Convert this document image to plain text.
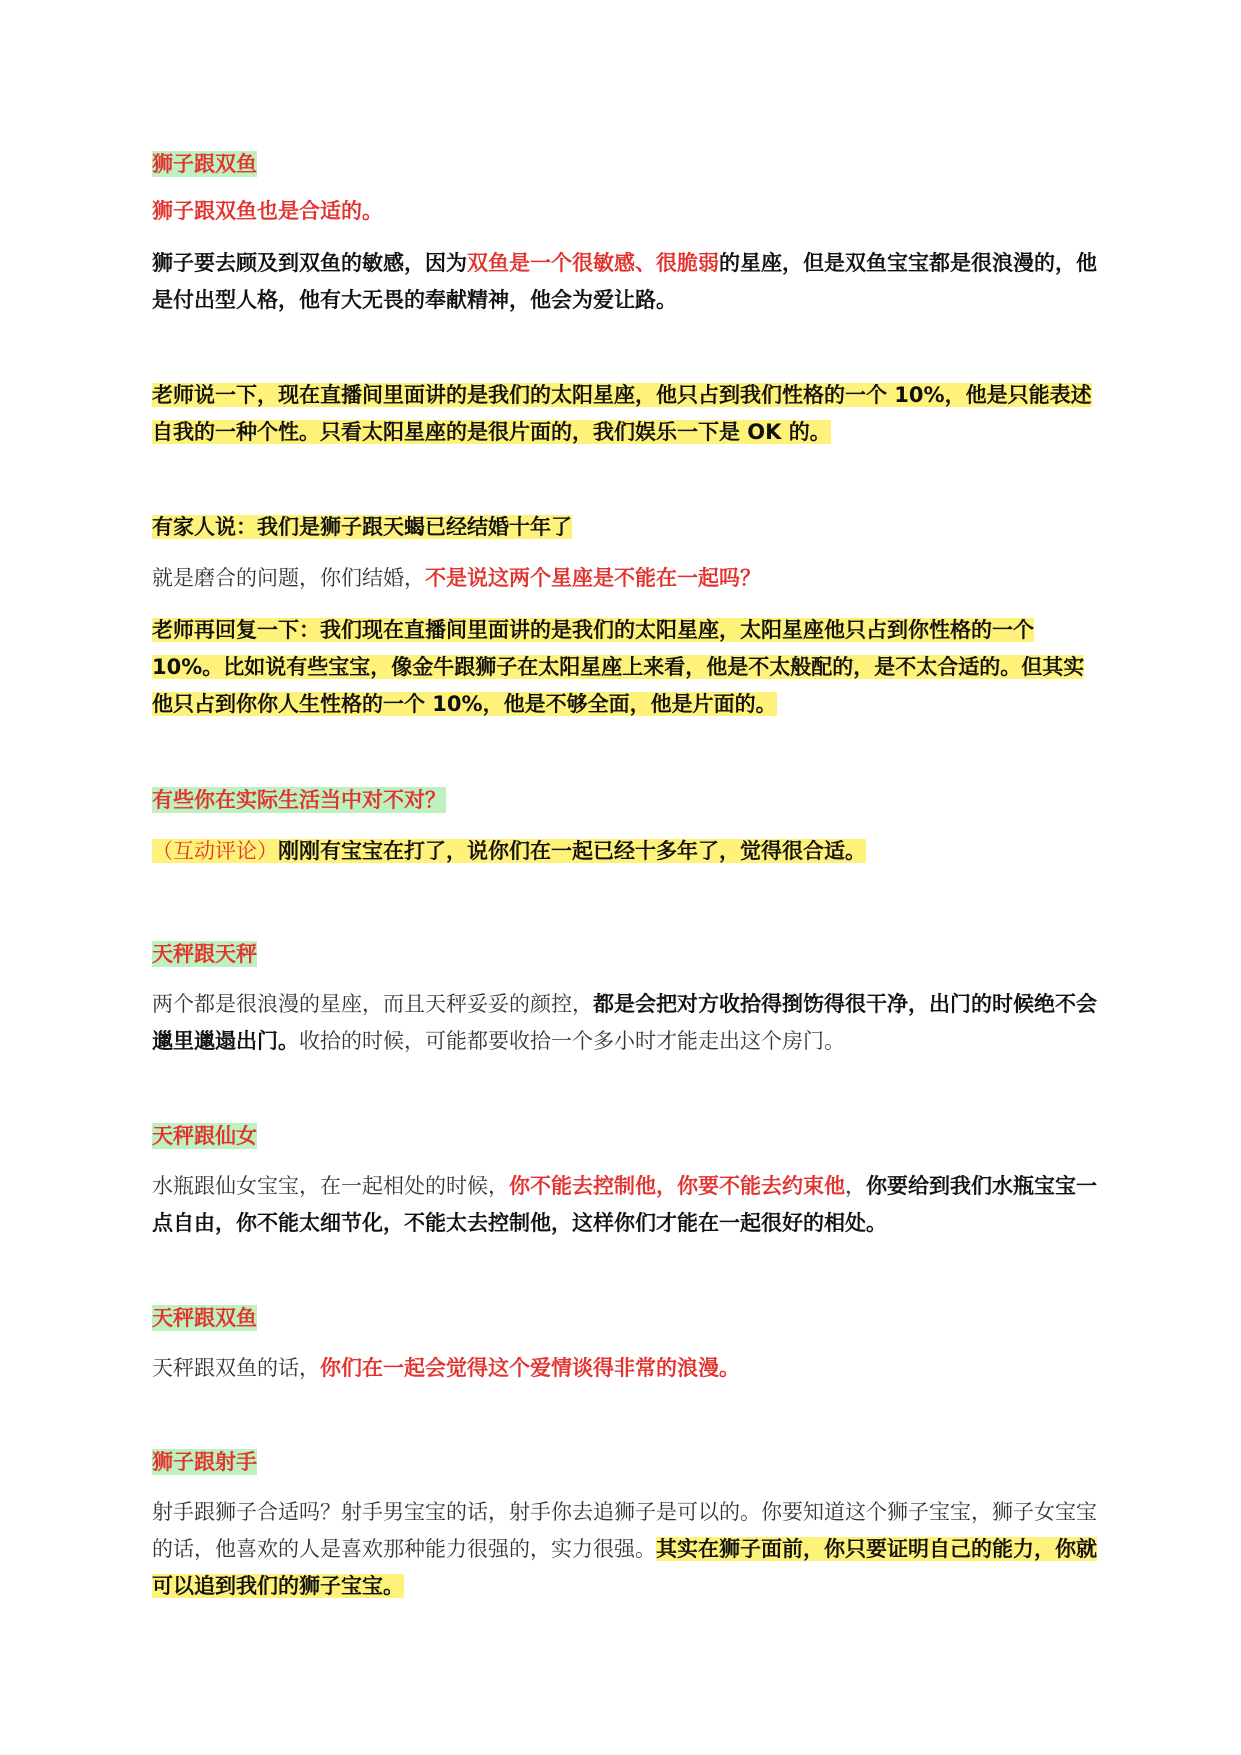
狮子跟双鱼

狮子跟双鱼也是合适的。

狮子要去顾及到双鱼的敏感，因为双鱼是一个很敏感、很脆弱的星座，但是双鱼宝宝都是很浪漫的，他是付出型人格，他有大无畏的奉献精神，他会为爱让路。

老师说一下，现在直播间里面讲的是我们的太阳星座，他只占到我们性格的一个 10%，他是只能表述自我的一种个性。只看太阳星座的是很片面的，我们娱乐一下是 OK 的。

有家人说：我们是狮子跟天蝎已经结婚十年了

就是磨合的问题，你们结婚，不是说这两个星座是不能在一起吗？

老师再回复一下：我们现在直播间里面讲的是我们的太阳星座，太阳星座他只占到你性格的一个 10%。比如说有些宝宝，像金牛跟狮子在太阳星座上来看，他是不太般配的，是不太合适的。但其实他只占到你你人生性格的一个 10%，他是不够全面，他是片面的。

有些你在实际生活当中对不对？

（互动评论）刚刚有宝宝在打了，说你们在一起已经十多年了，觉得很合适。

天秤跟天秤

两个都是很浪漫的星座，而且天秤妥妥的颜控，都是会把对方收拾得捯饬得很干净，出门的时候绝不会邋里邋遢出门。收拾的时候，可能都要收拾一个多小时才能走出这个房门。

天秤跟仙女

水瓶跟仙女宝宝，在一起相处的时候，你不能去控制他，你要不能去约束他，你要给到我们水瓶宝宝一点自由，你不能太细节化，不能太去控制他，这样你们才能在一起很好的相处。

天秤跟双鱼

天秤跟双鱼的话，你们在一起会觉得这个爱情谈得非常的浪漫。

狮子跟射手

射手跟狮子合适吗？射手男宝宝的话，射手你去追狮子是可以的。你要知道这个狮子宝宝，狮子女宝宝的话，他喜欢的人是喜欢那种能力很强的，实力很强。其实在狮子面前，你只要证明自己的能力，你就可以追到我们的狮子宝宝。
